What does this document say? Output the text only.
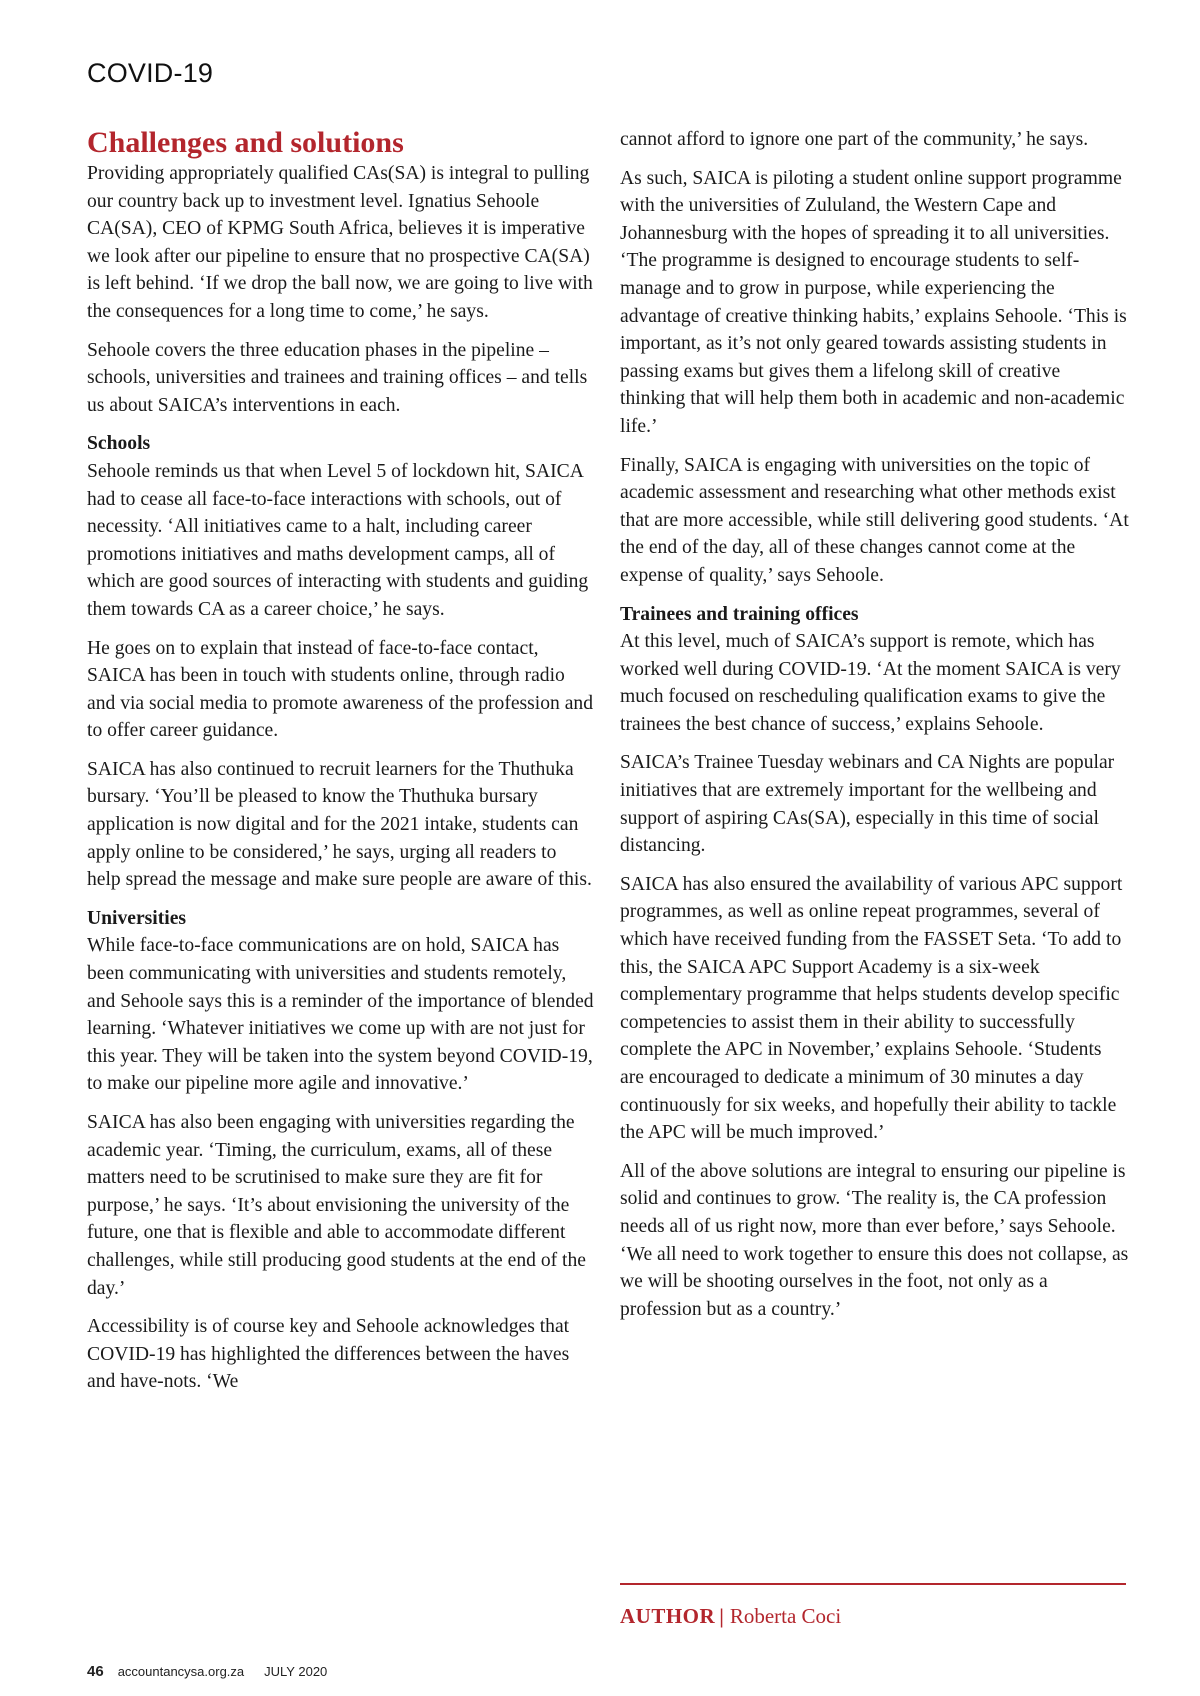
COVID-19
Challenges and solutions

Providing appropriately qualified CAs(SA) is integral to pulling our country back up to investment level. Ignatius Sehoole CA(SA), CEO of KPMG South Africa, believes it is imperative we look after our pipeline to ensure that no prospective CA(SA) is left behind. ‘If we drop the ball now, we are going to live with the consequences for a long time to come,’ he says.

Sehoole covers the three education phases in the pipeline – schools, universities and trainees and training offices – and tells us about SAICA’s interventions in each.

Schools

Sehoole reminds us that when Level 5 of lockdown hit, SAICA had to cease all face-to-face interactions with schools, out of necessity. ‘All initiatives came to a halt, including career promotions initiatives and maths development camps, all of which are good sources of interacting with students and guiding them towards CA as a career choice,’ he says.

He goes on to explain that instead of face-to-face contact, SAICA has been in touch with students online, through radio and via social media to promote awareness of the profession and to offer career guidance.

SAICA has also continued to recruit learners for the Thuthuka bursary. ‘You’ll be pleased to know the Thuthuka bursary application is now digital and for the 2021 intake, students can apply online to be considered,’ he says, urging all readers to help spread the message and make sure people are aware of this.

Universities

While face-to-face communications are on hold, SAICA has been communicating with universities and students remotely, and Sehoole says this is a reminder of the importance of blended learning. ‘Whatever initiatives we come up with are not just for this year. They will be taken into the system beyond COVID-19, to make our pipeline more agile and innovative.’

SAICA has also been engaging with universities regarding the academic year. ‘Timing, the curriculum, exams, all of these matters need to be scrutinised to make sure they are fit for purpose,’ he says. ‘It’s about envisioning the university of the future, one that is flexible and able to accommodate different challenges, while still producing good students at the end of the day.’

Accessibility is of course key and Sehoole acknowledges that COVID-19 has highlighted the differences between the haves and have-nots. ‘We

cannot afford to ignore one part of the community,’ he says.

As such, SAICA is piloting a student online support programme with the universities of Zululand, the Western Cape and Johannesburg with the hopes of spreading it to all universities. ‘The programme is designed to encourage students to self-manage and to grow in purpose, while experiencing the advantage of creative thinking habits,’ explains Sehoole. ‘This is important, as it’s not only geared towards assisting students in passing exams but gives them a lifelong skill of creative thinking that will help them both in academic and non-academic life.’

Finally, SAICA is engaging with universities on the topic of academic assessment and researching what other methods exist that are more accessible, while still delivering good students. ‘At the end of the day, all of these changes cannot come at the expense of quality,’ says Sehoole.

Trainees and training offices

At this level, much of SAICA’s support is remote, which has worked well during COVID-19. ‘At the moment SAICA is very much focused on rescheduling qualification exams to give the trainees the best chance of success,’ explains Sehoole.

SAICA’s Trainee Tuesday webinars and CA Nights are popular initiatives that are extremely important for the wellbeing and support of aspiring CAs(SA), especially in this time of social distancing.

SAICA has also ensured the availability of various APC support programmes, as well as online repeat programmes, several of which have received funding from the FASSET Seta. ‘To add to this, the SAICA APC Support Academy is a six-week complementary programme that helps students develop specific competencies to assist them in their ability to successfully complete the APC in November,’ explains Sehoole. ‘Students are encouraged to dedicate a minimum of 30 minutes a day continuously for six weeks, and hopefully their ability to tackle the APC will be much improved.’

All of the above solutions are integral to ensuring our pipeline is solid and continues to grow. ‘The reality is, the CA profession needs all of us right now, more than ever before,’ says Sehoole. ‘We all need to work together to ensure this does not collapse, as we will be shooting ourselves in the foot, not only as a profession but as a country.’

AUTHOR | Roberta Coci
46 accountancysa.org.za JULY 2020
